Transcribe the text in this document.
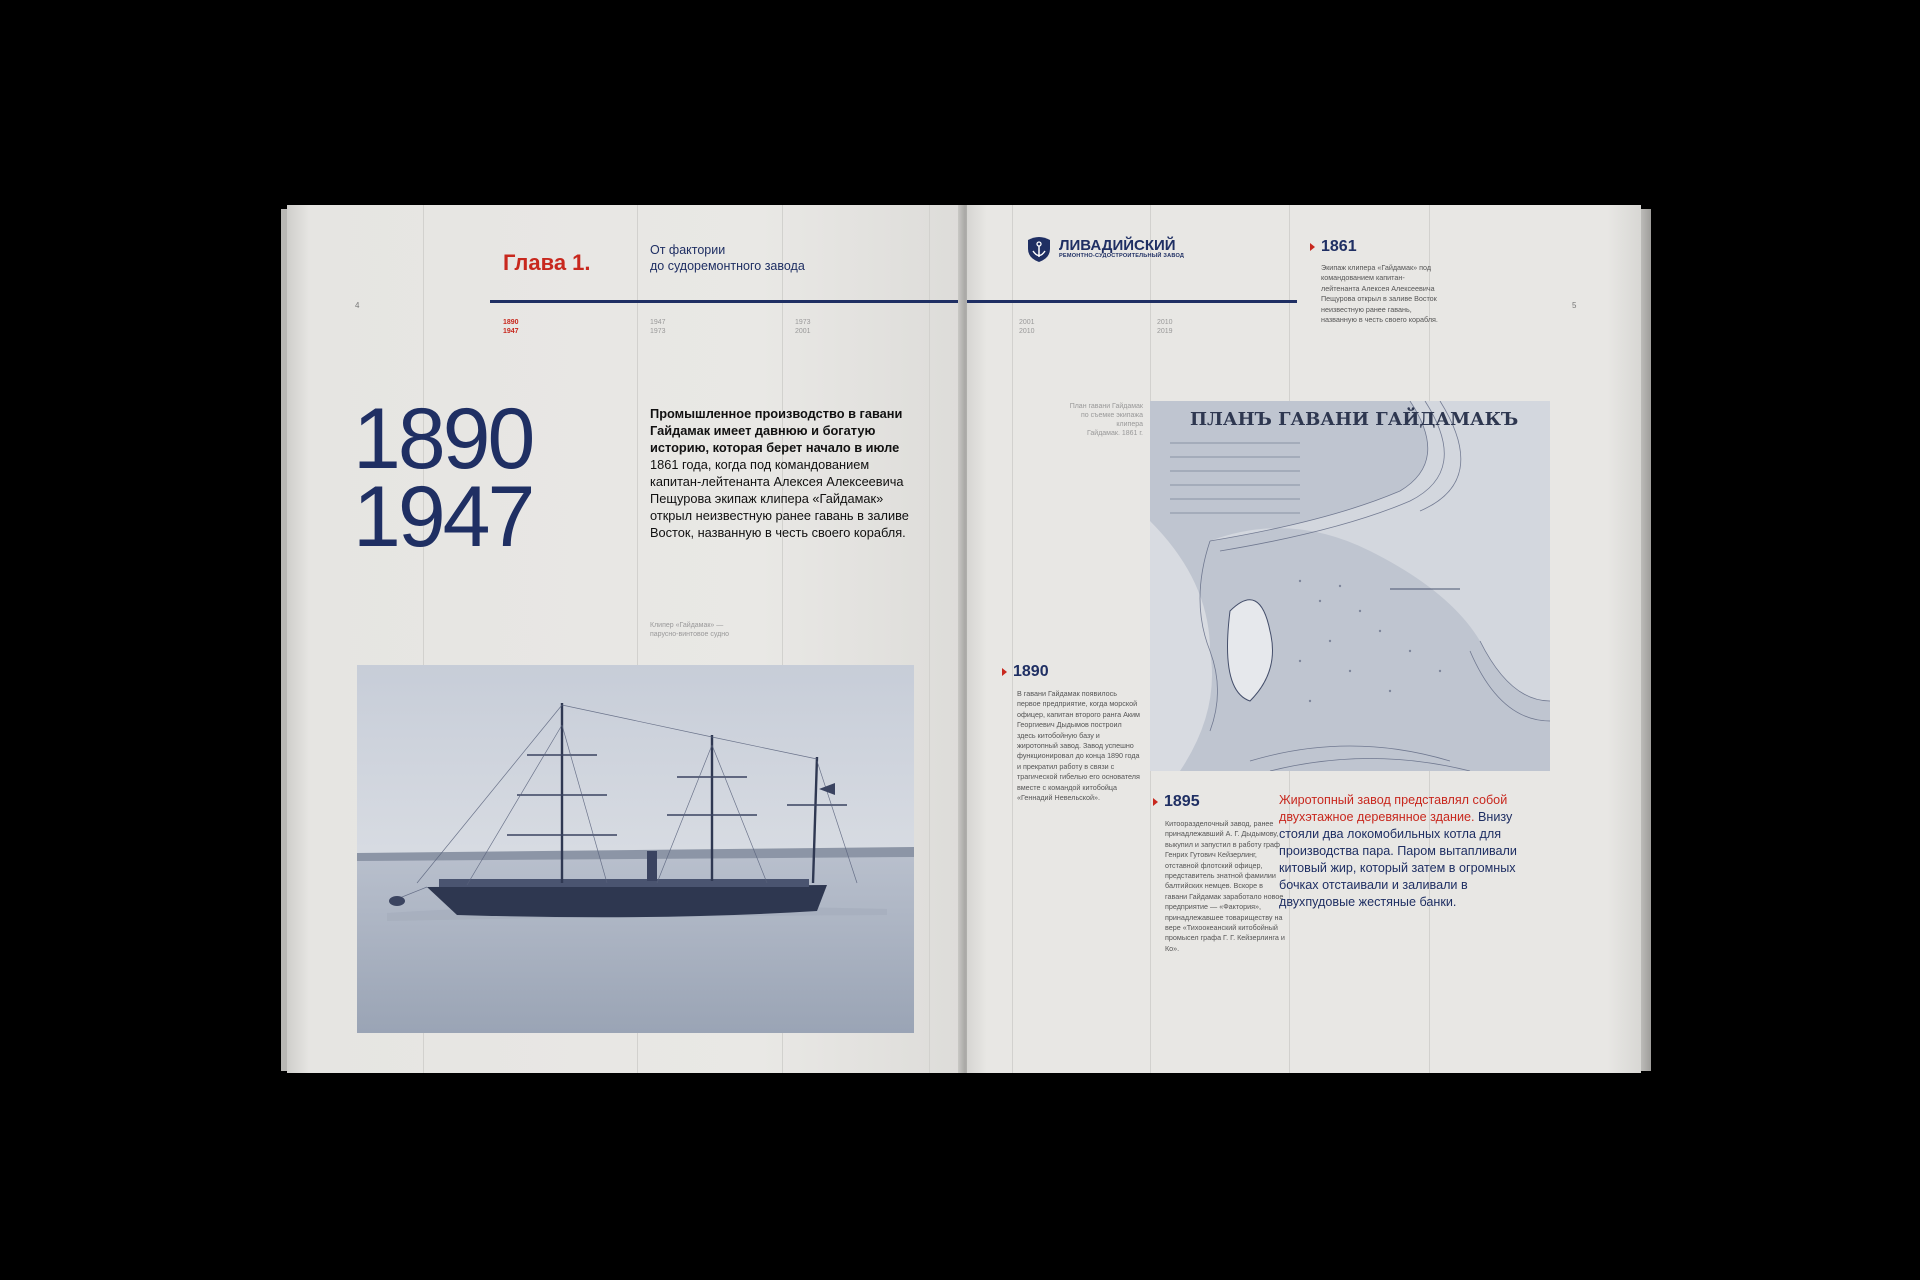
Глава 1.	От фактории
до судоремонтного завода
4
1890
1947
1947
1973
1973
2001
1890
1947
Промышленное производство в гавани Гайдамак имеет давнюю и богатую историю, которая берет начало в июле 1861 года, когда под командованием капитан-лейтенанта Алексея Алексеевича Пещурова экипаж клипера «Гайдамак» открыл неизвестную ранее гавань в заливе Восток, названную в честь своего корабля.
Клипер «Гайдамак» —
парусно-винтовое судно
5
ЛИВАДИЙСКИЙ
РЕМОНТНО-СУДОСТРОИТЕЛЬНЫЙ ЗАВОД
2001
2010
2010
2019
1861
Экипаж клипера «Гайдамак» под командованием капитан-лейтенанта Алексея Алексеевича Пещурова открыл в заливе Восток неизвестную ранее гавань, названную в честь своего корабля.
План гавани Гайдамак
по съемке экипажа клипера
Гайдамак. 1861 г.
ПЛАНЪ ГАВАНИ ГАЙДАМАКЪ
1890
В гавани Гайдамак появилось первое предприятие, когда морской офицер, капитан второго ранга Аким Георгиевич Дыдымов построил здесь китобойную базу и жиротопный завод. Завод успешно функционировал до конца 1890 года и прекратил работу в связи с трагической гибелью его основателя вместе с командой китобойца «Геннадий Невельской».	1895
Китоoразделочный завод, ранее принадлежавший А. Г. Дыдымову, выкупил и запустил в работу граф Генрих Гутович Кейзерлинг, отставной флотский офицер, представитель знатной фамилии балтийских немцев. Вскоре в гавани Гайдамак заработало новое предприятие — «Фактория», принадлежавшее товариществу на вере «Тихоокеанский китобойный промысел графа Г. Г. Кейзерлинга и Ко».
Жиротопный завод представлял собой двухэтажное деревянное здание. Внизу стояли два локомобильных котла для производства пара. Паром вытапливали китовый жир, который затем в огромных бочках отстаивали и заливали в двухпудовые жестяные банки.
